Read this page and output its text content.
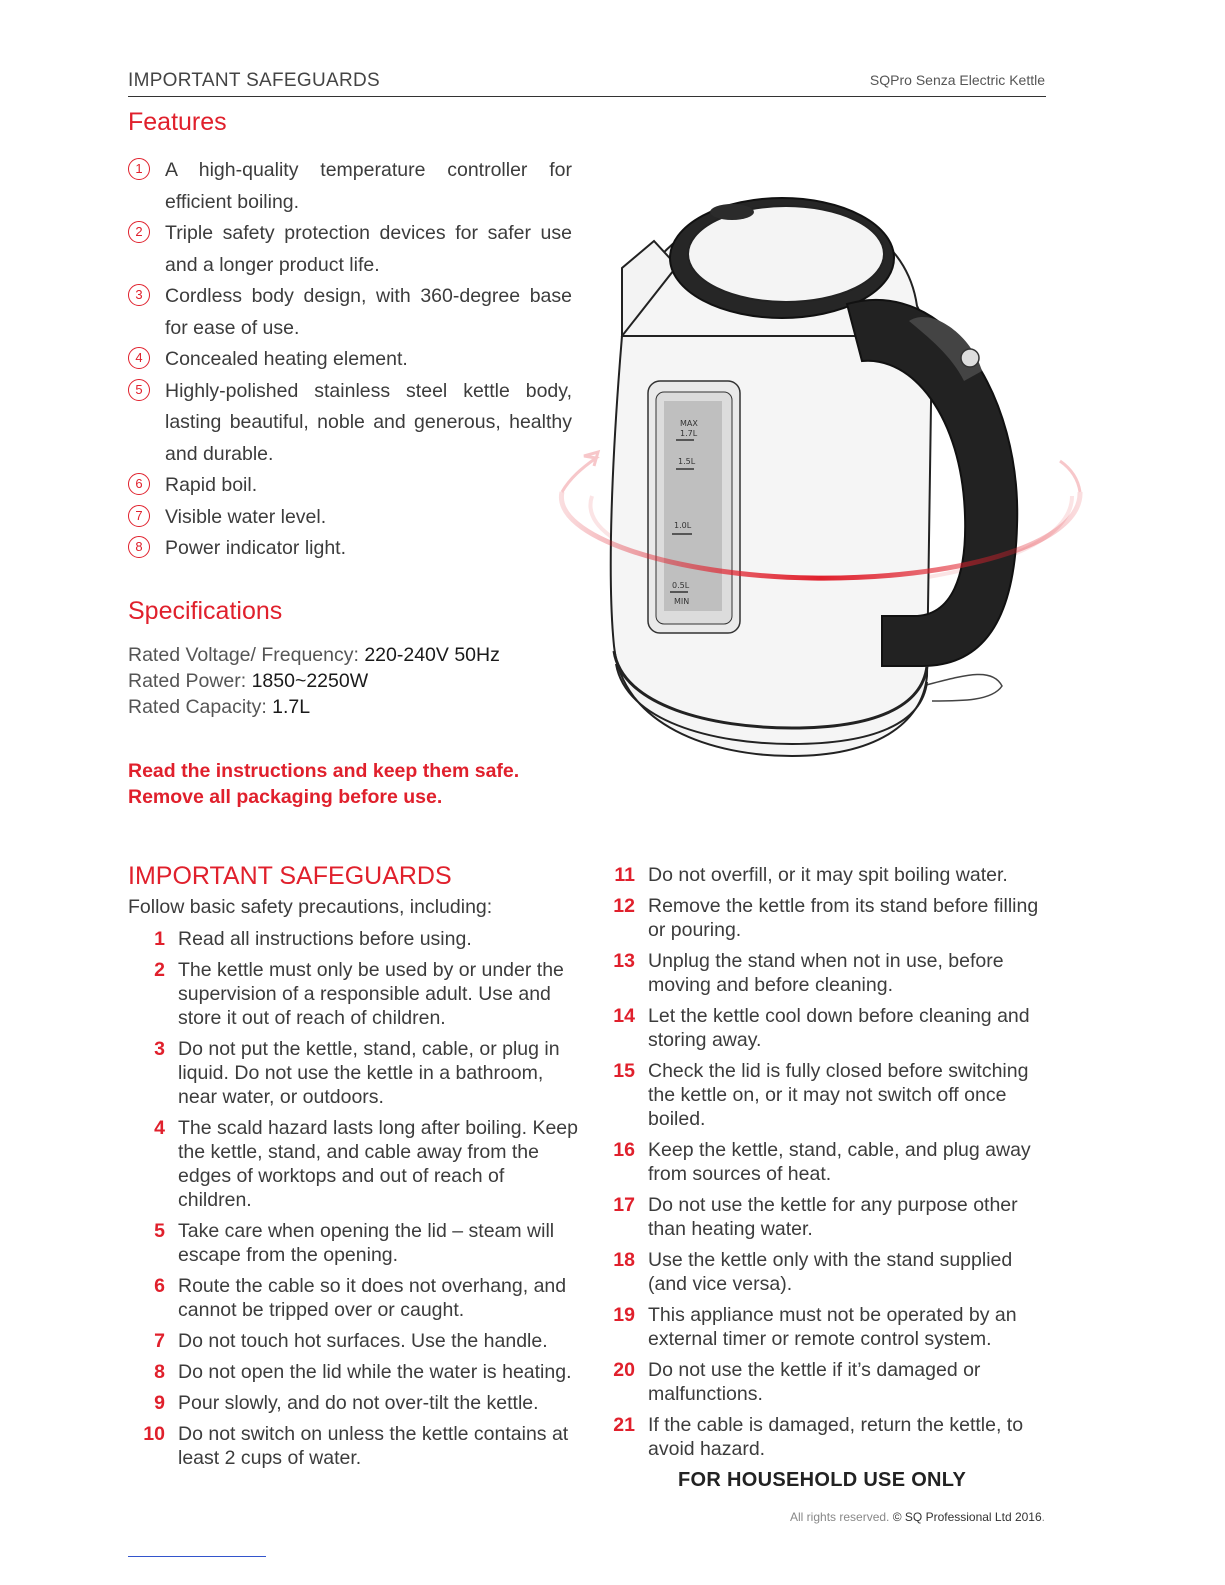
IMPORTANT SAFEGUARDS	SQPro Senza Electric Kettle
Features
1	A high-quality temperature controller for efficient boiling.
2	Triple safety protection devices for safer use and a longer product life.
3	Cordless body design, with 360-degree base for ease of use.
4	Concealed heating element.
5	Highly-polished stainless steel kettle body, lasting beautiful, noble and generous, healthy and durable.
6	Rapid boil.
7	Visible water level.
8	Power indicator light.
Specifications
Rated Voltage/ Frequency: 220-240V 50Hz
Rated Power: 1850~2250W
Rated Capacity: 1.7L
Read the instructions and keep them safe.
Remove all packaging before use.
MAX
1.7L
1.5L
1.0L
0.5L
MIN
IMPORTANT SAFEGUARDS
Follow basic safety precautions, including:
1 Read all instructions before using.
2 The kettle must only be used by or under the supervision of a responsible adult. Use and store it out of reach of children.
3 Do not put the kettle, stand, cable, or plug in liquid. Do not use the kettle in a bathroom, near water, or outdoors.
4 The scald hazard lasts long after boiling. Keep the kettle, stand, and cable away from the edges of worktops and out of reach of children.
5 Take care when opening the lid – steam will escape from the opening.
6 Route the cable so it does not overhang, and cannot be tripped over or caught.
7 Do not touch hot surfaces. Use the handle.
8 Do not open the lid while the water is heating.
9 Pour slowly, and do not over-tilt the kettle.
10 Do not switch on unless the kettle contains at least 2 cups of water.
11 Do not overfill, or it may spit boiling water.
12 Remove the kettle from its stand before filling or pouring.
13 Unplug the stand when not in use, before moving and before cleaning.
14 Let the kettle cool down before cleaning and storing away.
15 Check the lid is fully closed before switching the kettle on, or it may not switch off once boiled.
16 Keep the kettle, stand, cable, and plug away from sources of heat.
17 Do not use the kettle for any purpose other than heating water.
18 Use the kettle only with the stand supplied (and vice versa).
19 This appliance must not be operated by an external timer or remote control system.
20 Do not use the kettle if it’s damaged or malfunctions.
21 If the cable is damaged, return the kettle, to avoid hazard.
FOR HOUSEHOLD USE ONLY
All rights reserved. © SQ Professional Ltd 2016.
